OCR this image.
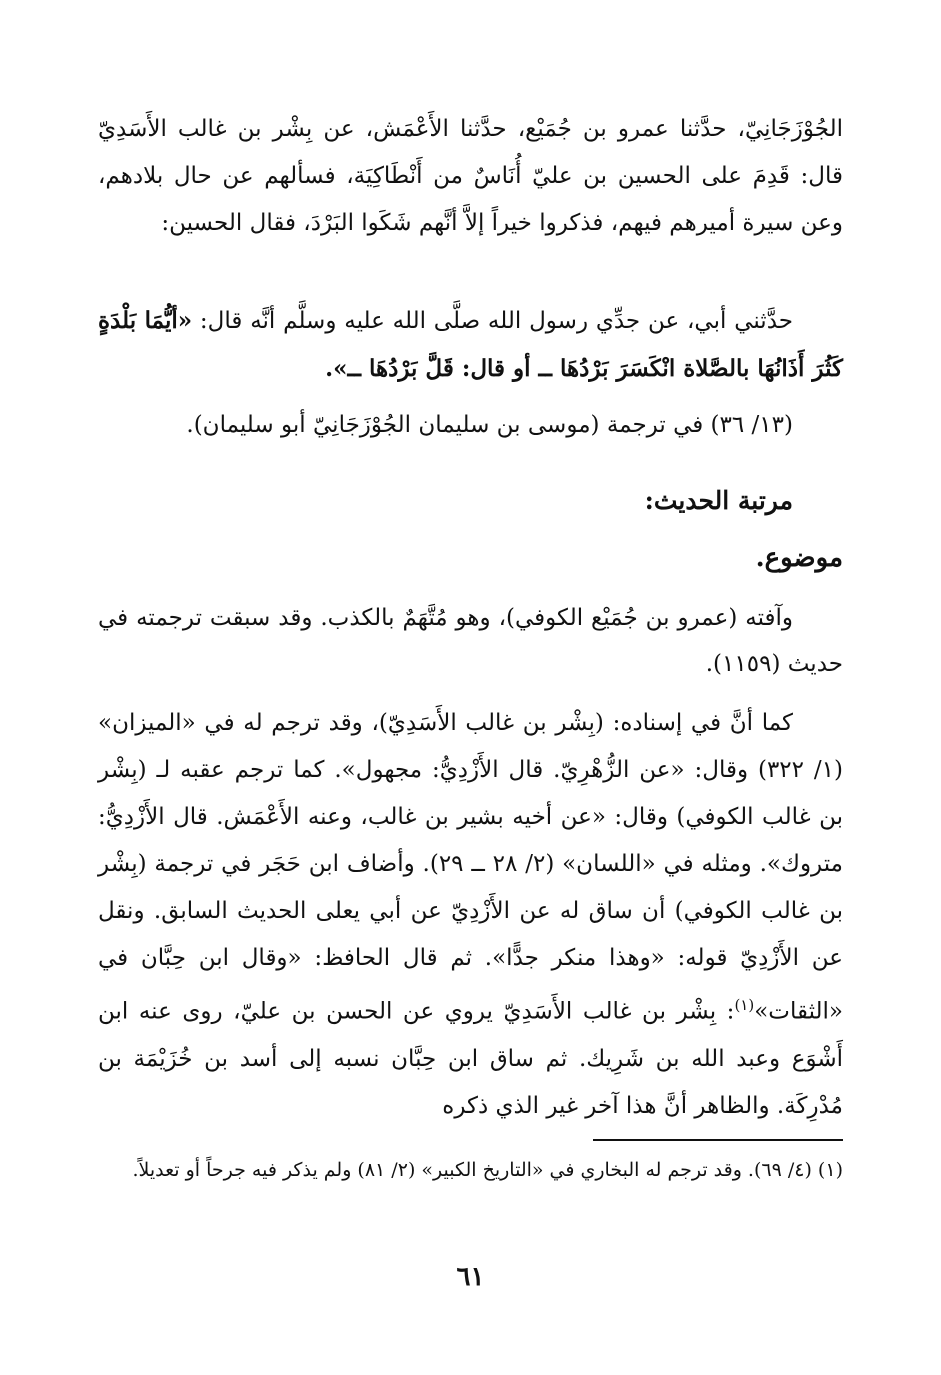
الجُوْزَجَانِيّ، حدَّثنا عمرو بن جُمَيْع، حدَّثنا الأَعْمَش، عن بِشْر بن غالب الأَسَدِيّ قال: قَدِمَ على الحسين بن عليّ أُنَاسٌ من أَنْطَاكِيَة، فسألهم عن حال بلادهم، وعن سيرة أميرهم فيهم، فذكروا خيراً إلاَّ أنَّهم شَكَوا البَرْدَ، فقال الحسين:

حدَّثني أبي، عن جدِّي رسول الله صلَّى الله عليه وسلَّم أنَّه قال: «أيُّمَا بَلْدَةٍ كَثُرَ أَذَانُهَا بالصَّلاة انْكَسَرَ بَرْدُهَا ــ أو قال: قَلَّ بَرْدُهَا ــ».

(١٣/ ٣٦) في ترجمة (موسى بن سليمان الجُوْزَجَانِيّ أبو سليمان).

مرتبة الحديث:
موضوع.

وآفته (عمرو بن جُمَيْع الكوفي)، وهو مُتَّهَمٌ بالكذب. وقد سبقت ترجمته في حديث (١١٥٩).

كما أنَّ في إسناده: (بِشْر بن غالب الأَسَدِيّ)، وقد ترجم له في «الميزان» (١/ ٣٢٢) وقال: «عن الزُّهْرِيّ. قال الأَزْدِيُّ: مجهول». كما ترجم عقبه لـ (بِشْر بن غالب الكوفي) وقال: «عن أخيه بشير بن غالب، وعنه الأَعْمَش. قال الأَزْدِيُّ: متروك». ومثله في «اللسان» (٢/ ٢٨ ــ ٢٩). وأضاف ابن حَجَر في ترجمة (بِشْر بن غالب الكوفي) أن ساق له عن الأَزْدِيّ عن أبي يعلى الحديث السابق. ونقل عن الأَزْدِيّ قوله: «وهذا منكر جدًّا». ثم قال الحافظ: «وقال ابن حِبَّان في «الثقات»$^{(١)}$: بِشْر بن غالب الأَسَدِيّ يروي عن الحسن بن عليّ، روى عنه ابن أَشْوَع وعبد الله بن شَرِيك. ثم ساق ابن حِبَّان نسبه إلى أسد بن خُزَيْمَة بن مُدْرِكَة. والظاهر أنَّ هذا آخر غير الذي ذكره

(١) (٤/ ٦٩). وقد ترجم له البخاري في «التاريخ الكبير» (٢/ ٨١) ولم يذكر فيه جرحاً أو تعديلاً.

٦١
